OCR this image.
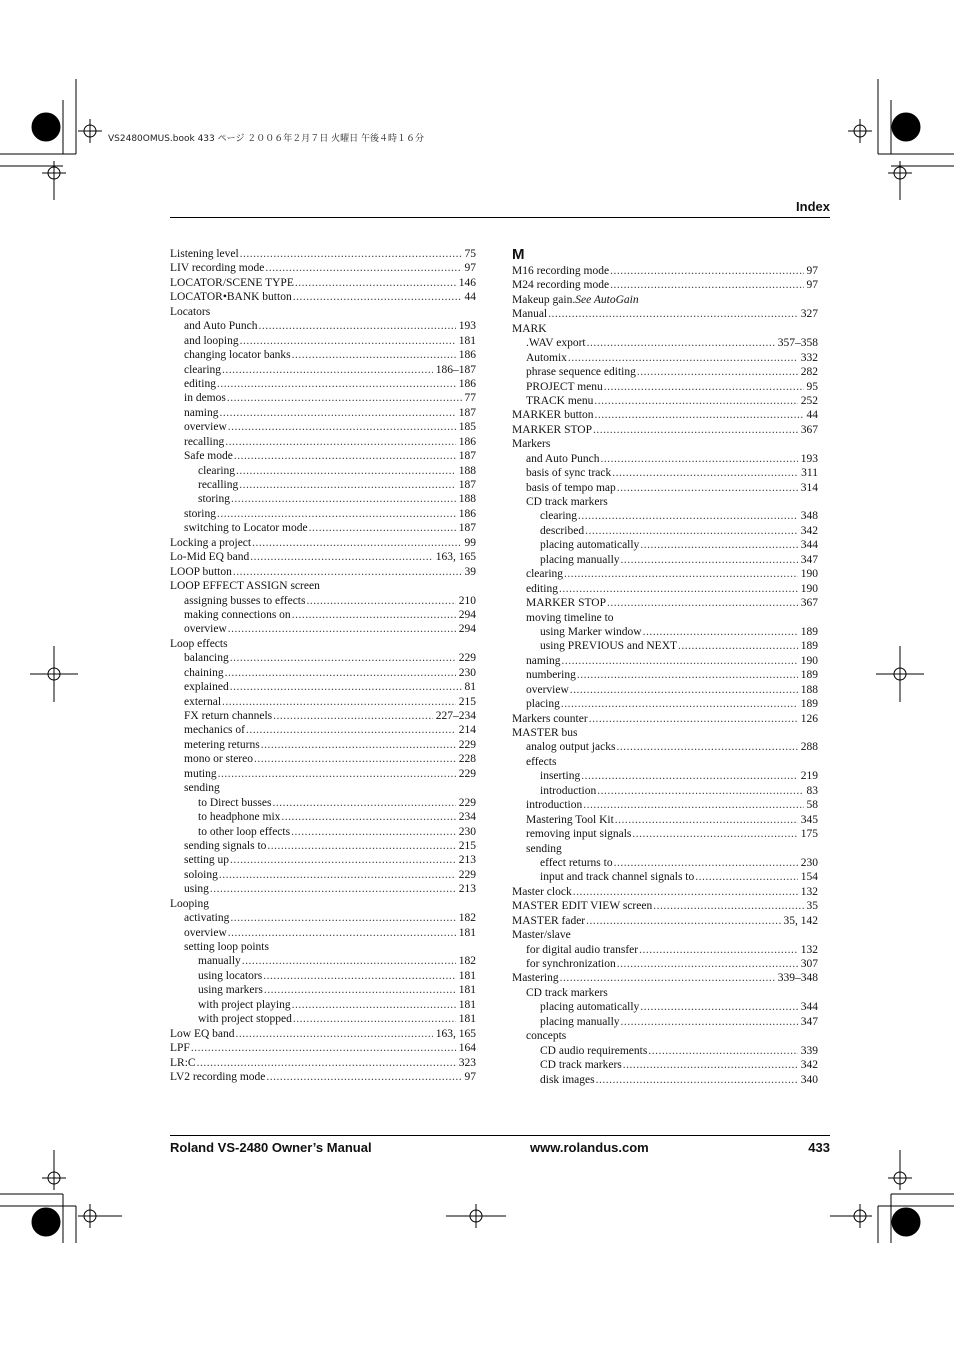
VS2480OMUS.book 433 ページ ２００６年２月７日 火曜日 午後４時１６分
Index
Listening level .....	75
LIV recording mode .....	97
LOCATOR/SCENE TYPE .....	146
LOCATOR•BANK button .....	44
Locators
and Auto Punch .....	193
and looping .....	181
changing locator banks .....	186
clearing .....	186–187
editing .....	186
in demos .....	77
naming .....	187
overview .....	185
recalling .....	186
Safe mode .....	187
clearing .....	188
recalling .....	187
storing .....	188
storing .....	186
switching to Locator mode .....	187
Locking a project .....	99
Lo-Mid EQ band .....	163, 165
LOOP button .....	39
LOOP EFFECT ASSIGN screen
assigning busses to effects .....	210
making connections on .....	294
overview .....	294
Loop effects
balancing .....	229
chaining .....	230
explained .....	81
external .....	215
FX return channels .....	227–234
mechanics of .....	214
metering returns .....	229
mono or stereo .....	228
muting .....	229
sending
to Direct busses .....	229
to headphone mix .....	234
to other loop effects .....	230
sending signals to .....	215
setting up .....	213
soloing .....	229
using .....	213
Looping
activating .....	182
overview .....	181
setting loop points
manually .....	182
using locators .....	181
using markers .....	181
with project playing .....	181
with project stopped .....	181
Low EQ band .....	163, 165
LPF .....	164
LR:C .....	323
LV2 recording mode .....	97
M
M16 recording mode .....	97
M24 recording mode .....	97
Makeup gain. See AutoGain
Manual .....	327
MARK
.WAV export .....	357–358
Automix .....	332
phrase sequence editing .....	282
PROJECT menu .....	95
TRACK menu .....	252
MARKER button .....	44
MARKER STOP .....	367
Markers
and Auto Punch .....	193
basis of sync track .....	311
basis of tempo map .....	314
CD track markers
clearing .....	348
described .....	342
placing automatically .....	344
placing manually .....	347
clearing .....	190
editing .....	190
MARKER STOP .....	367
moving timeline to
using Marker window .....	189
using PREVIOUS and NEXT .....	189
naming .....	190
numbering .....	189
overview .....	188
placing .....	189
Markers counter .....	126
MASTER bus
analog output jacks .....	288
effects
inserting .....	219
introduction .....	83
introduction .....	58
Mastering Tool Kit .....	345
removing input signals .....	175
sending
effect returns to .....	230
input and track channel signals to .....	154
Master clock .....	132
MASTER EDIT VIEW screen .....	35
MASTER fader .....	35, 142
Master/slave
for digital audio transfer .....	132
for synchronization .....	307
Mastering .....	339–348
CD track markers
placing automatically .....	344
placing manually .....	347
concepts
CD audio requirements .....	339
CD track markers .....	342
disk images .....	340
Roland VS-2480 Owner’s Manual	www.rolandus.com	433
